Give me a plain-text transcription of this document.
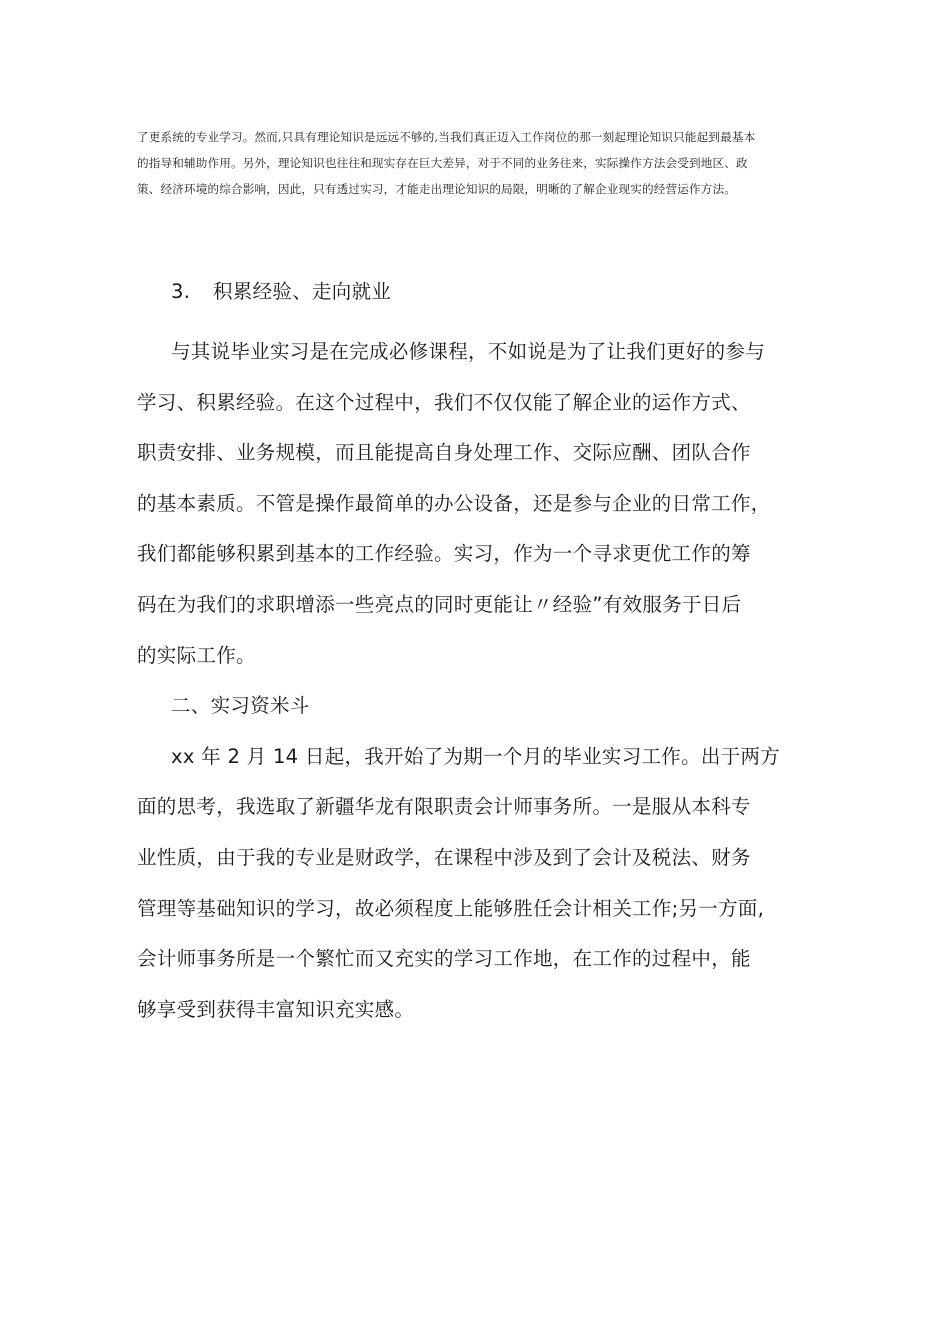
了更系统的专业学习。然而,只具有理论知识是远远不够的,当我们真正迈入工作岗位的那一刻起理论知识只能起到最基本
的指导和辅助作用。另外，理论知识也往往和现实存在巨大差异，对于不同的业务往来，实际操作方法会受到地区、政
策、经济环境的综合影响，因此，只有透过实习，才能走出理论知识的局限，明晰的了解企业现实的经营运作方法。
3. 积累经验、走向就业
与其说毕业实习是在完成必修课程，不如说是为了让我们更好的参与
学习、积累经验。在这个过程中，我们不仅仅能了解企业的运作方式、
职责安排、业务规模，而且能提高自身处理工作、交际应酬、团队合作
的基本素质。不管是操作最简单的办公设备，还是参与企业的日常工作，
我们都能够积累到基本的工作经验。实习，作为一个寻求更优工作的筹
码在为我们的求职增添一些亮点的同时更能让〃经验”有效服务于日后
的实际工作。
二、实习资米斗
xx 年 2 月 14 日起，我开始了为期一个月的毕业实习工作。出于两方
面的思考，我选取了新疆华龙有限职责会计师事务所。一是服从本科专
业性质，由于我的专业是财政学，在课程中涉及到了会计及税法、财务
管理等基础知识的学习，故必须程度上能够胜任会计相关工作;另一方面,
会计师事务所是一个繁忙而又充实的学习工作地，在工作的过程中，能
够享受到获得丰富知识充实感。
